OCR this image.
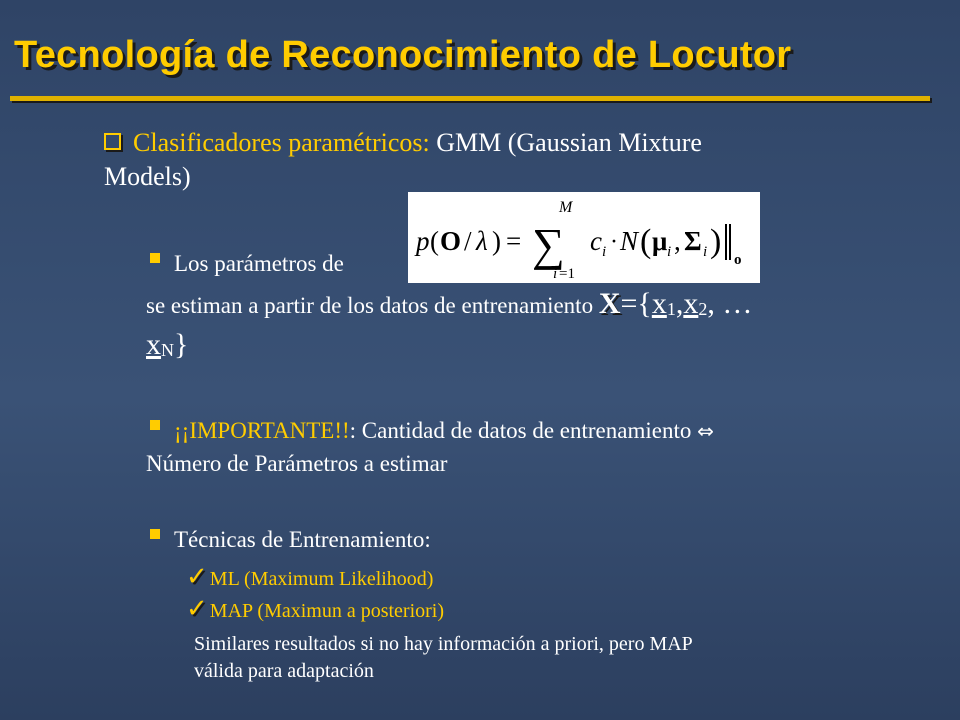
Tecnología de Reconocimiento de Locutor
Clasificadores paramétricos: GMM (Gaussian Mixture
Models)
Los parámetros de
p ( O / λ ) =
M
∑
i =1
c i · N ( μ i , Σ i ) o
se estiman a partir de los datos de entrenamiento X={x1,x2, …
xN}
¡¡IMPORTANTE!!: Cantidad de datos de entrenamiento ⇔
Número de Parámetros a estimar
Técnicas de Entrenamiento:
✓ ML (Maximum Likelihood)
✓ MAP (Maximun a posteriori)
Similares resultados si no hay información a priori, pero MAP
válida para adaptación
